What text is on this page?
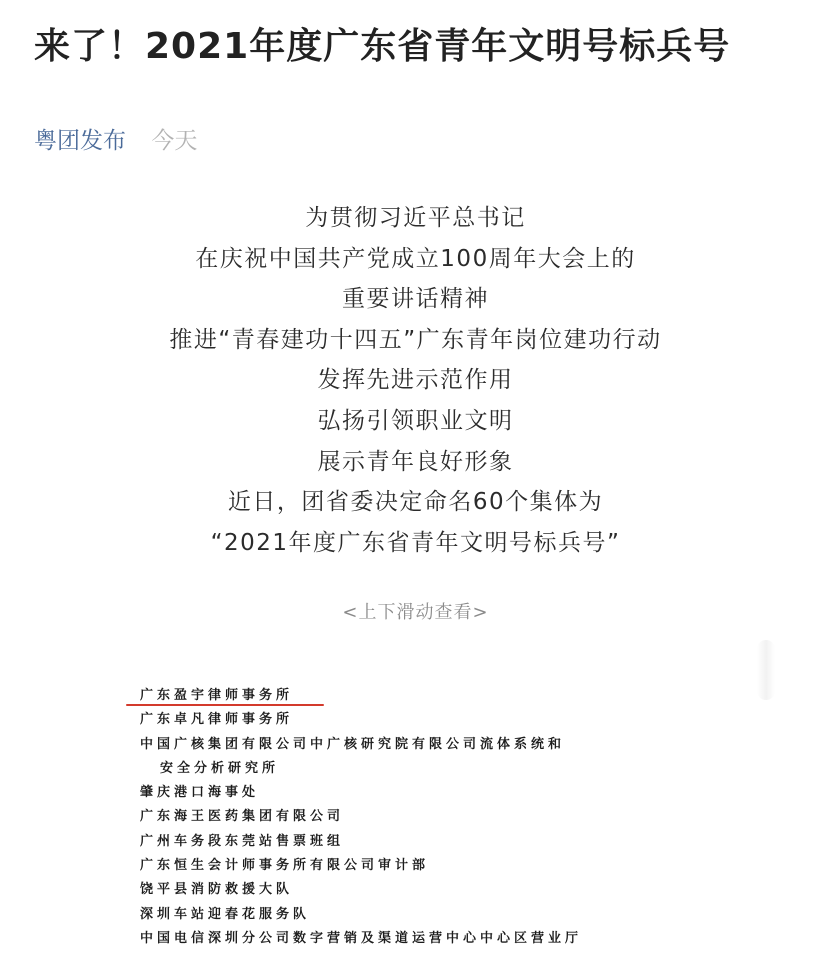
来了！2021年度广东省青年文明号标兵号
粤团发布 今天
为贯彻习近平总书记
在庆祝中国共产党成立100周年大会上的
重要讲话精神
推进“青春建功十四五”广东青年岗位建功行动
发挥先进示范作用
弘扬引领职业文明
展示青年良好形象
近日，团省委决定命名60个集体为
“2021年度广东省青年文明号标兵号”
<上下滑动查看>
广东盈宇律师事务所
广东卓凡律师事务所
中国广核集团有限公司中广核研究院有限公司流体系统和
安全分析研究所
肇庆港口海事处
广东海王医药集团有限公司
广州车务段东莞站售票班组
广东恒生会计师事务所有限公司审计部
饶平县消防救援大队
深圳车站迎春花服务队
中国电信深圳分公司数字营销及渠道运营中心中心区营业厅
